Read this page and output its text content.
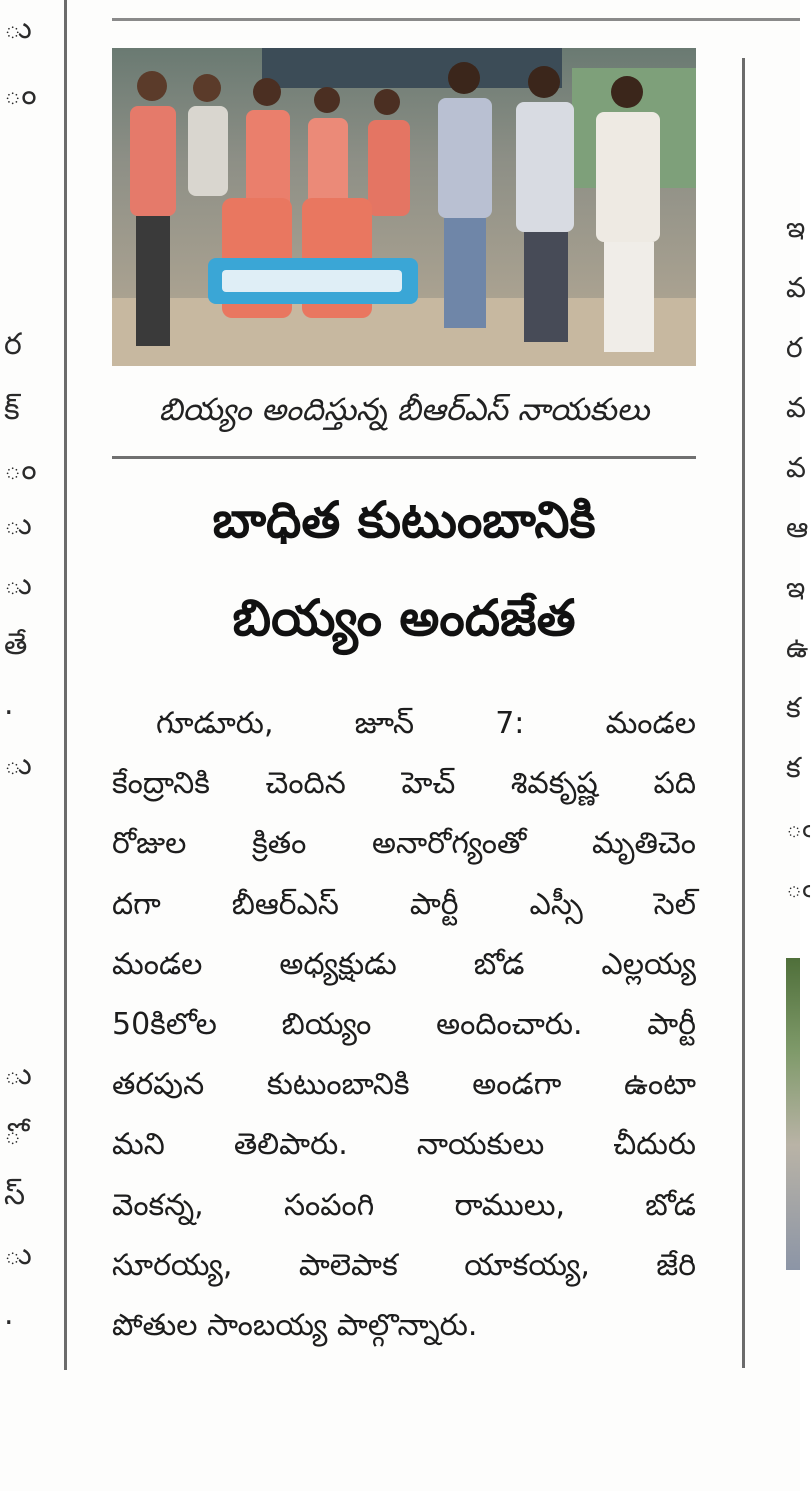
ు
ం
ర
క్
ం
ు
ు
తే
.
ు
ు
ో
స్
ు
.
బియ్యం అందిస్తున్న బీఆర్ఎస్ నాయకులు
బాధిత కుటుంబానికి
బియ్యం అందజేత
గూడూరు, జూన్ 7: మండల
కేంద్రానికి చెందిన హెచ్ శివకృష్ణ పది
రోజుల క్రితం అనారోగ్యంతో మృతిచెం
దగా బీఆర్ఎస్ పార్టీ ఎస్సీ సెల్
మండల అధ్యక్షుడు బోడ ఎల్లయ్య
50కిలోల బియ్యం అందించారు. పార్టీ
తరపున కుటుంబానికి అండగా ఉంటా
మని తెలిపారు. నాయకులు చీదురు
వెంకన్న, సంపంగి రాములు, బోడ
సూరయ్య, పాలెపాక యాకయ్య, జేరి
పోతుల సాంబయ్య పాల్గొన్నారు.
ఇ
వ
ర
వ
వ
ఆ
ఇ
ఉ
క
క
ఁ
ఁ
